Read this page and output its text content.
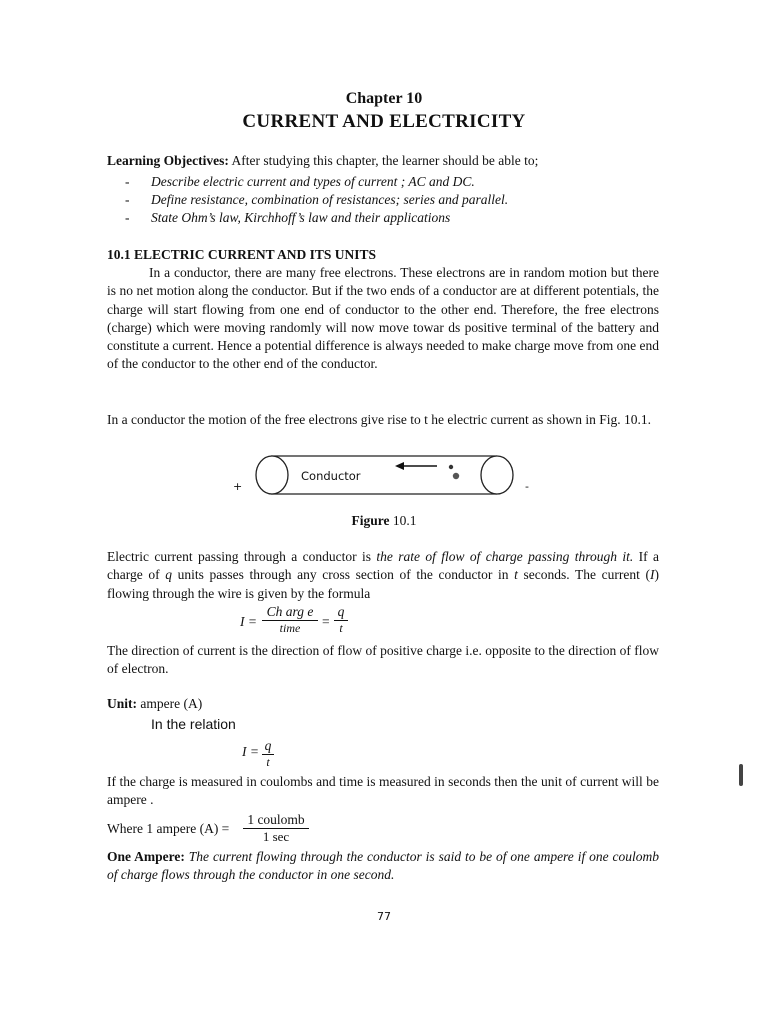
Chapter 10
CURRENT AND ELECTRICITY
Learning Objectives: After studying this chapter, the learner should be able to;
- Describe electric current and types of current ; AC and DC.
- Define resistance, combination of resistances; series and parallel.
- State Ohm’s law, Kirchhoff’s law and their applications
10.1 ELECTRIC CURRENT AND ITS UNITS
In a conductor, there are many free electrons. These electrons are in random motion but there is no net motion along the conductor. But if the two ends of a conductor are at different potentials, the charge will start flowing from one end of conductor to the other end. Therefore, the free electrons (charge) which were moving randomly will now move towar ds positive terminal of the battery and constitute a current. Hence a potential difference is always needed to make charge move from one end of the conductor to the other end of the conductor.
In a conductor the motion of the free electrons give rise to t he electric current as shown in Fig. 10.1.
Conductor
+	-
Figure 10.1
Electric current passing through a conductor is the rate of flow of charge passing through it. If a charge of q units passes through any cross section of the conductor in t seconds. The current (I) flowing through the wire is given by the formula
I =
Ch arg e
time	= $\frac{q}{t}$
The direction of current is the direction of flow of positive charge i.e. opposite to the direction of flow of electron.
Unit: ampere (A)
In the relation
$I = \frac{q}{t}$
If the charge is measured in coulombs and time is measured in seconds then the unit of current will be ampere .
Where 1 ampere (A) =
1 coulomb
1 sec
One Ampere: The current flowing through the conductor is said to be of one ampere if one coulomb of charge flows through the conductor in one second.
77
